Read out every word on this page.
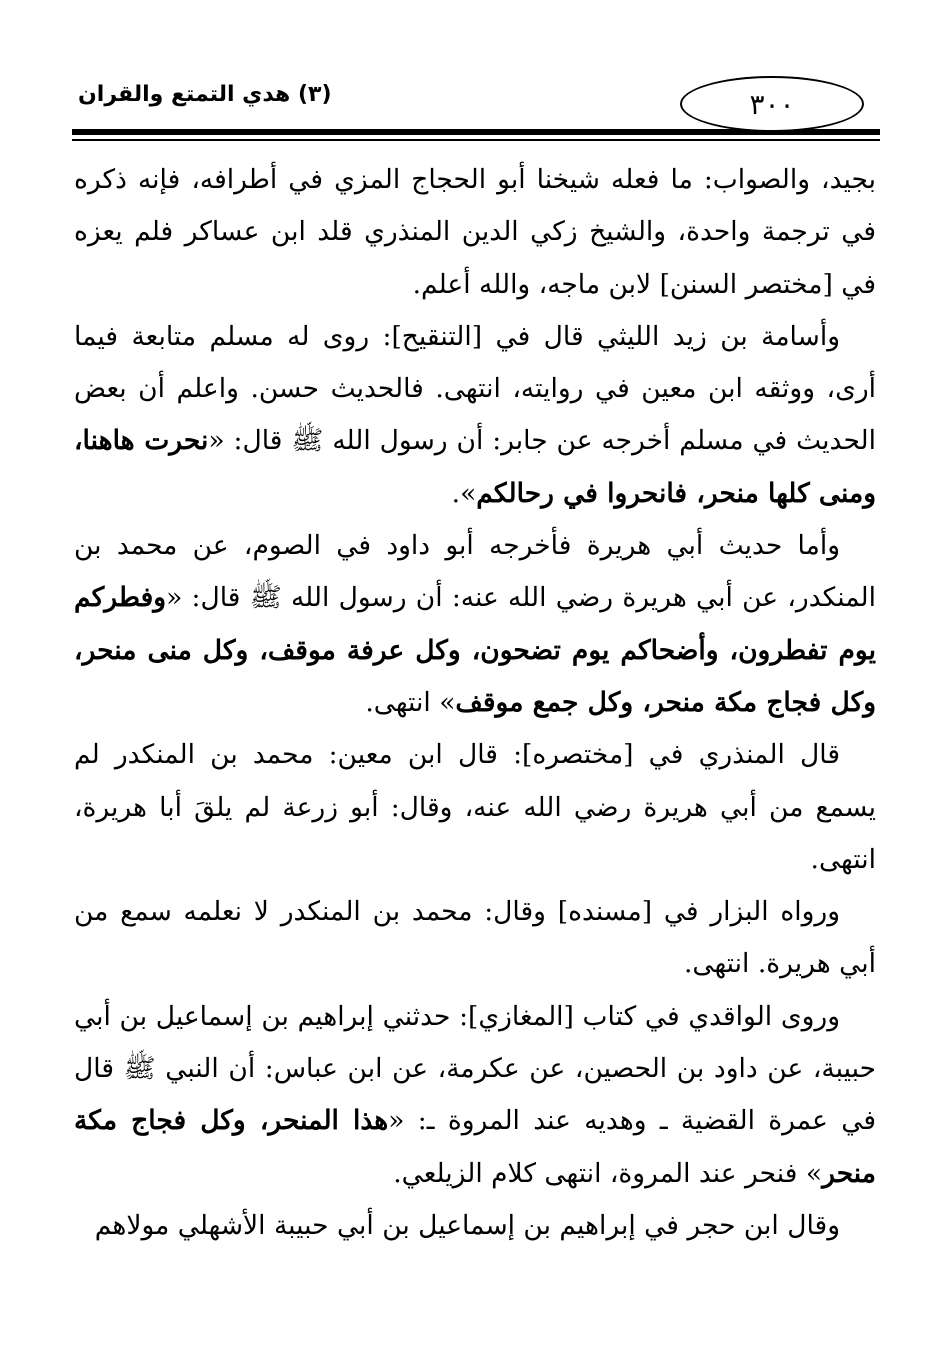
٣٠٠
(٣) هدي التمتع والقران

بجيد، والصواب: ما فعله شيخنا أبو الحجاج المزي في أطرافه، فإنه ذكره في ترجمة واحدة، والشيخ زكي الدين المنذري قلد ابن عساكر فلم يعزه في [مختصر السنن] لابن ماجه، والله أعلم.

وأسامة بن زيد الليثي قال في [التنقيح]: روى له مسلم متابعة فيما أرى، ووثقه ابن معين في روايته، انتهى. فالحديث حسن. واعلم أن بعض الحديث في مسلم أخرجه عن جابر: أن رسول الله ﷺ قال: «نحرت هاهنا، ومنى كلها منحر، فانحروا في رحالكم».

وأما حديث أبي هريرة فأخرجه أبو داود في الصوم، عن محمد بن المنكدر، عن أبي هريرة رضي الله عنه: أن رسول الله ﷺ قال: «وفطركم يوم تفطرون، وأضحاكم يوم تضحون، وكل عرفة موقف، وكل منى منحر، وكل فجاج مكة منحر، وكل جمع موقف» انتهى.

قال المنذري في [مختصره]: قال ابن معين: محمد بن المنكدر لم يسمع من أبي هريرة رضي الله عنه، وقال: أبو زرعة لم يلقَ أبا هريرة، انتهى.

ورواه البزار في [مسنده] وقال: محمد بن المنكدر لا نعلمه سمع من أبي هريرة. انتهى.

وروى الواقدي في كتاب [المغازي]: حدثني إبراهيم بن إسماعيل بن أبي حبيبة، عن داود بن الحصين، عن عكرمة، عن ابن عباس: أن النبي ﷺ قال في عمرة القضية ـ وهديه عند المروة ـ: «هذا المنحر، وكل فجاج مكة منحر» فنحر عند المروة، انتهى كلام الزيلعي.

وقال ابن حجر في إبراهيم بن إسماعيل بن أبي حبيبة الأشهلي مولاهم
